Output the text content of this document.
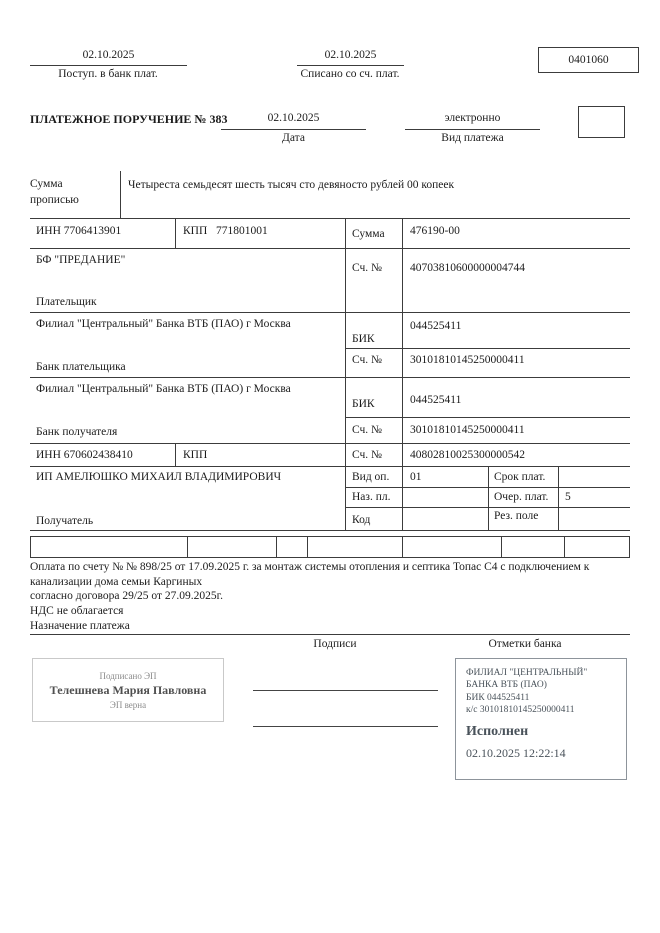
02.10.2025
Поступ. в банк плат.
02.10.2025
Списано со сч. плат.
0401060
ПЛАТЕЖНОЕ ПОРУЧЕНИЕ № 383	02.10.2025
Дата
электронно
Вид платежа
Сумма прописью
Четыреста семьдесят шесть тысяч сто девяносто рублей 00 копеек
ИНН 7706413901	КПП 771801001	Сумма 476190-00
БФ "ПРЕДАНИЕ"
Сч. № 40703810600000004744
Плательщик
Филиал "Центральный" Банка ВТБ (ПАО) г Москва
БИК
044525411
Сч. № 30101810145250000411
Банк плательщика
Филиал "Центральный" Банка ВТБ (ПАО) г Москва
БИК	044525411
Сч. № 30101810145250000411
Банк получателя
ИНН 670602438410	КПП	Сч. № 40802810025300000542
ИП АМЕЛЮШКО МИХАИЛ ВЛАДИМИРОВИЧ	Вид оп. 01	Срок плат.
Наз. пл.	Очер. плат. 5
Код	Рез. поле
Получатель
Оплата по счету № № 898/25 от 17.09.2025 г. за монтаж системы отопления и септика Топас С4 с подключением к канализации дома семьи Каргиных
согласно договора 29/25 от 27.09.2025г.
НДС не облагается
Назначение платежа
Подписи	Отметки банка
Подписано ЭП
Телешнева Мария Павловна
ЭП верна
ФИЛИАЛ "ЦЕНТРАЛЬНЫЙ" БАНКА ВТБ (ПАО)
БИК 044525411
к/с 30101810145250000411
Исполнен
02.10.2025 12:22:14
